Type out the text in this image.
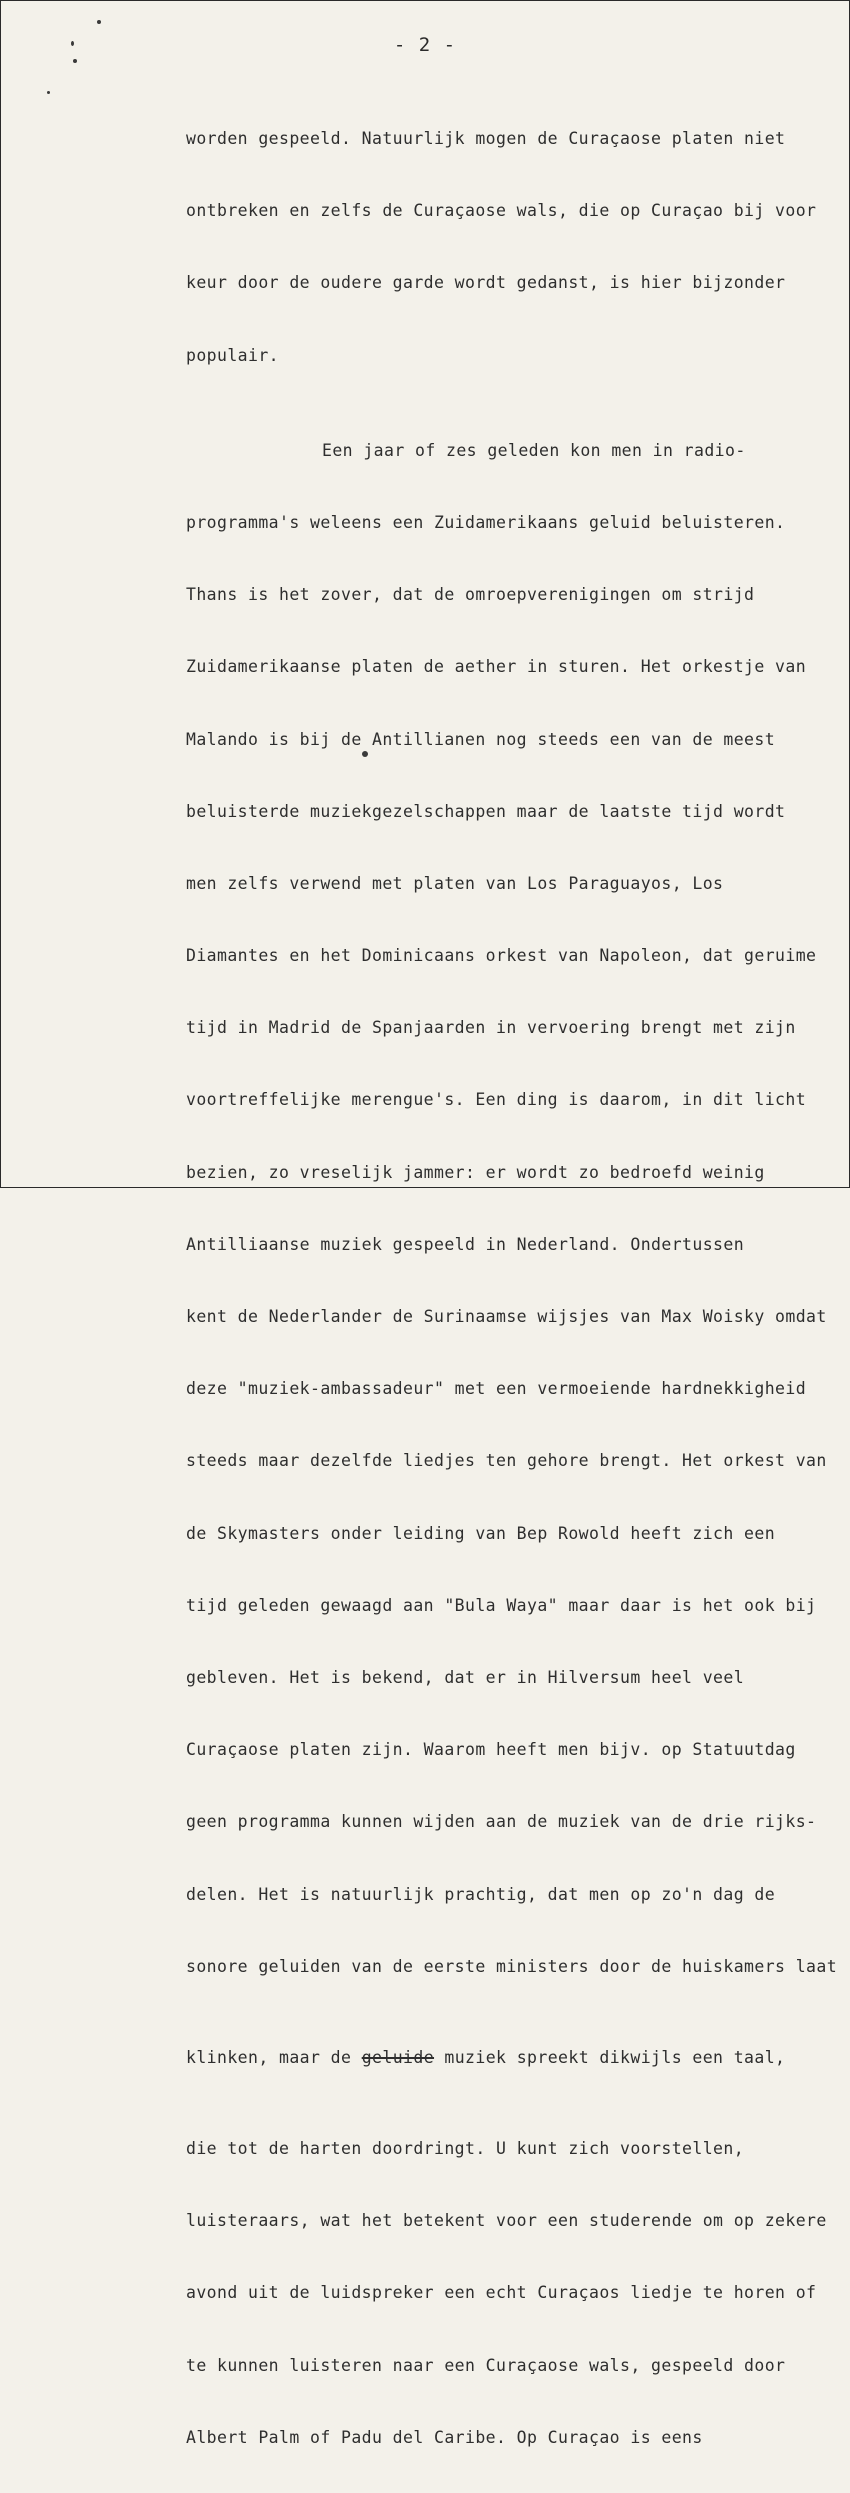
- 2 -

worden gespeeld. Natuurlijk mogen de Curaçaose platen niet

ontbreken en zelfs de Curaçaose wals, die op Curaçao bij voor

keur door de oudere garde wordt gedanst, is hier bijzonder

populair.

Een jaar of zes geleden kon men in radio-

programma's weleens een Zuidamerikaans geluid beluisteren.

Thans is het zover, dat de omroepverenigingen om strijd

Zuidamerikaanse platen de aether in sturen. Het orkestje van

Malando is bij de Antillianen nog steeds een van de meest

beluisterde muziekgezelschappen maar de laatste tijd wordt

men zelfs verwend met platen van Los Paraguayos, Los

Diamantes en het Dominicaans orkest van Napoleon, dat geruime

tijd in Madrid de Spanjaarden in vervoering brengt met zijn

voortreffelijke merengue's. Een ding is daarom, in dit licht

bezien, zo vreselijk jammer: er wordt zo bedroefd weinig

Antilliaanse muziek gespeeld in Nederland. Ondertussen

kent de Nederlander de Surinaamse wijsjes van Max Woisky omdat

deze "muziek-ambassadeur" met een vermoeiende hardnekkigheid

steeds maar dezelfde liedjes ten gehore brengt. Het orkest van

de Skymasters onder leiding van Bep Rowold heeft zich een

tijd geleden gewaagd aan "Bula Waya" maar daar is het ook bij

gebleven. Het is bekend, dat er in Hilversum heel veel

Curaçaose platen zijn. Waarom heeft men bijv. op Statuutdag

geen programma kunnen wijden aan de muziek van de drie rijks-

delen. Het is natuurlijk prachtig, dat men op zo'n dag de

sonore geluiden van de eerste ministers door de huiskamers laat

klinken, maar de geluide muziek spreekt dikwijls een taal,

die tot de harten doordringt. U kunt zich voorstellen,

luisteraars, wat het betekent voor een studerende om op zekere

avond uit de luidspreker een echt Curaçaos liedje te horen of

te kunnen luisteren naar een Curaçaose wals, gespeeld door

Albert Palm of Padu del Caribe. Op Curaçao is eens
